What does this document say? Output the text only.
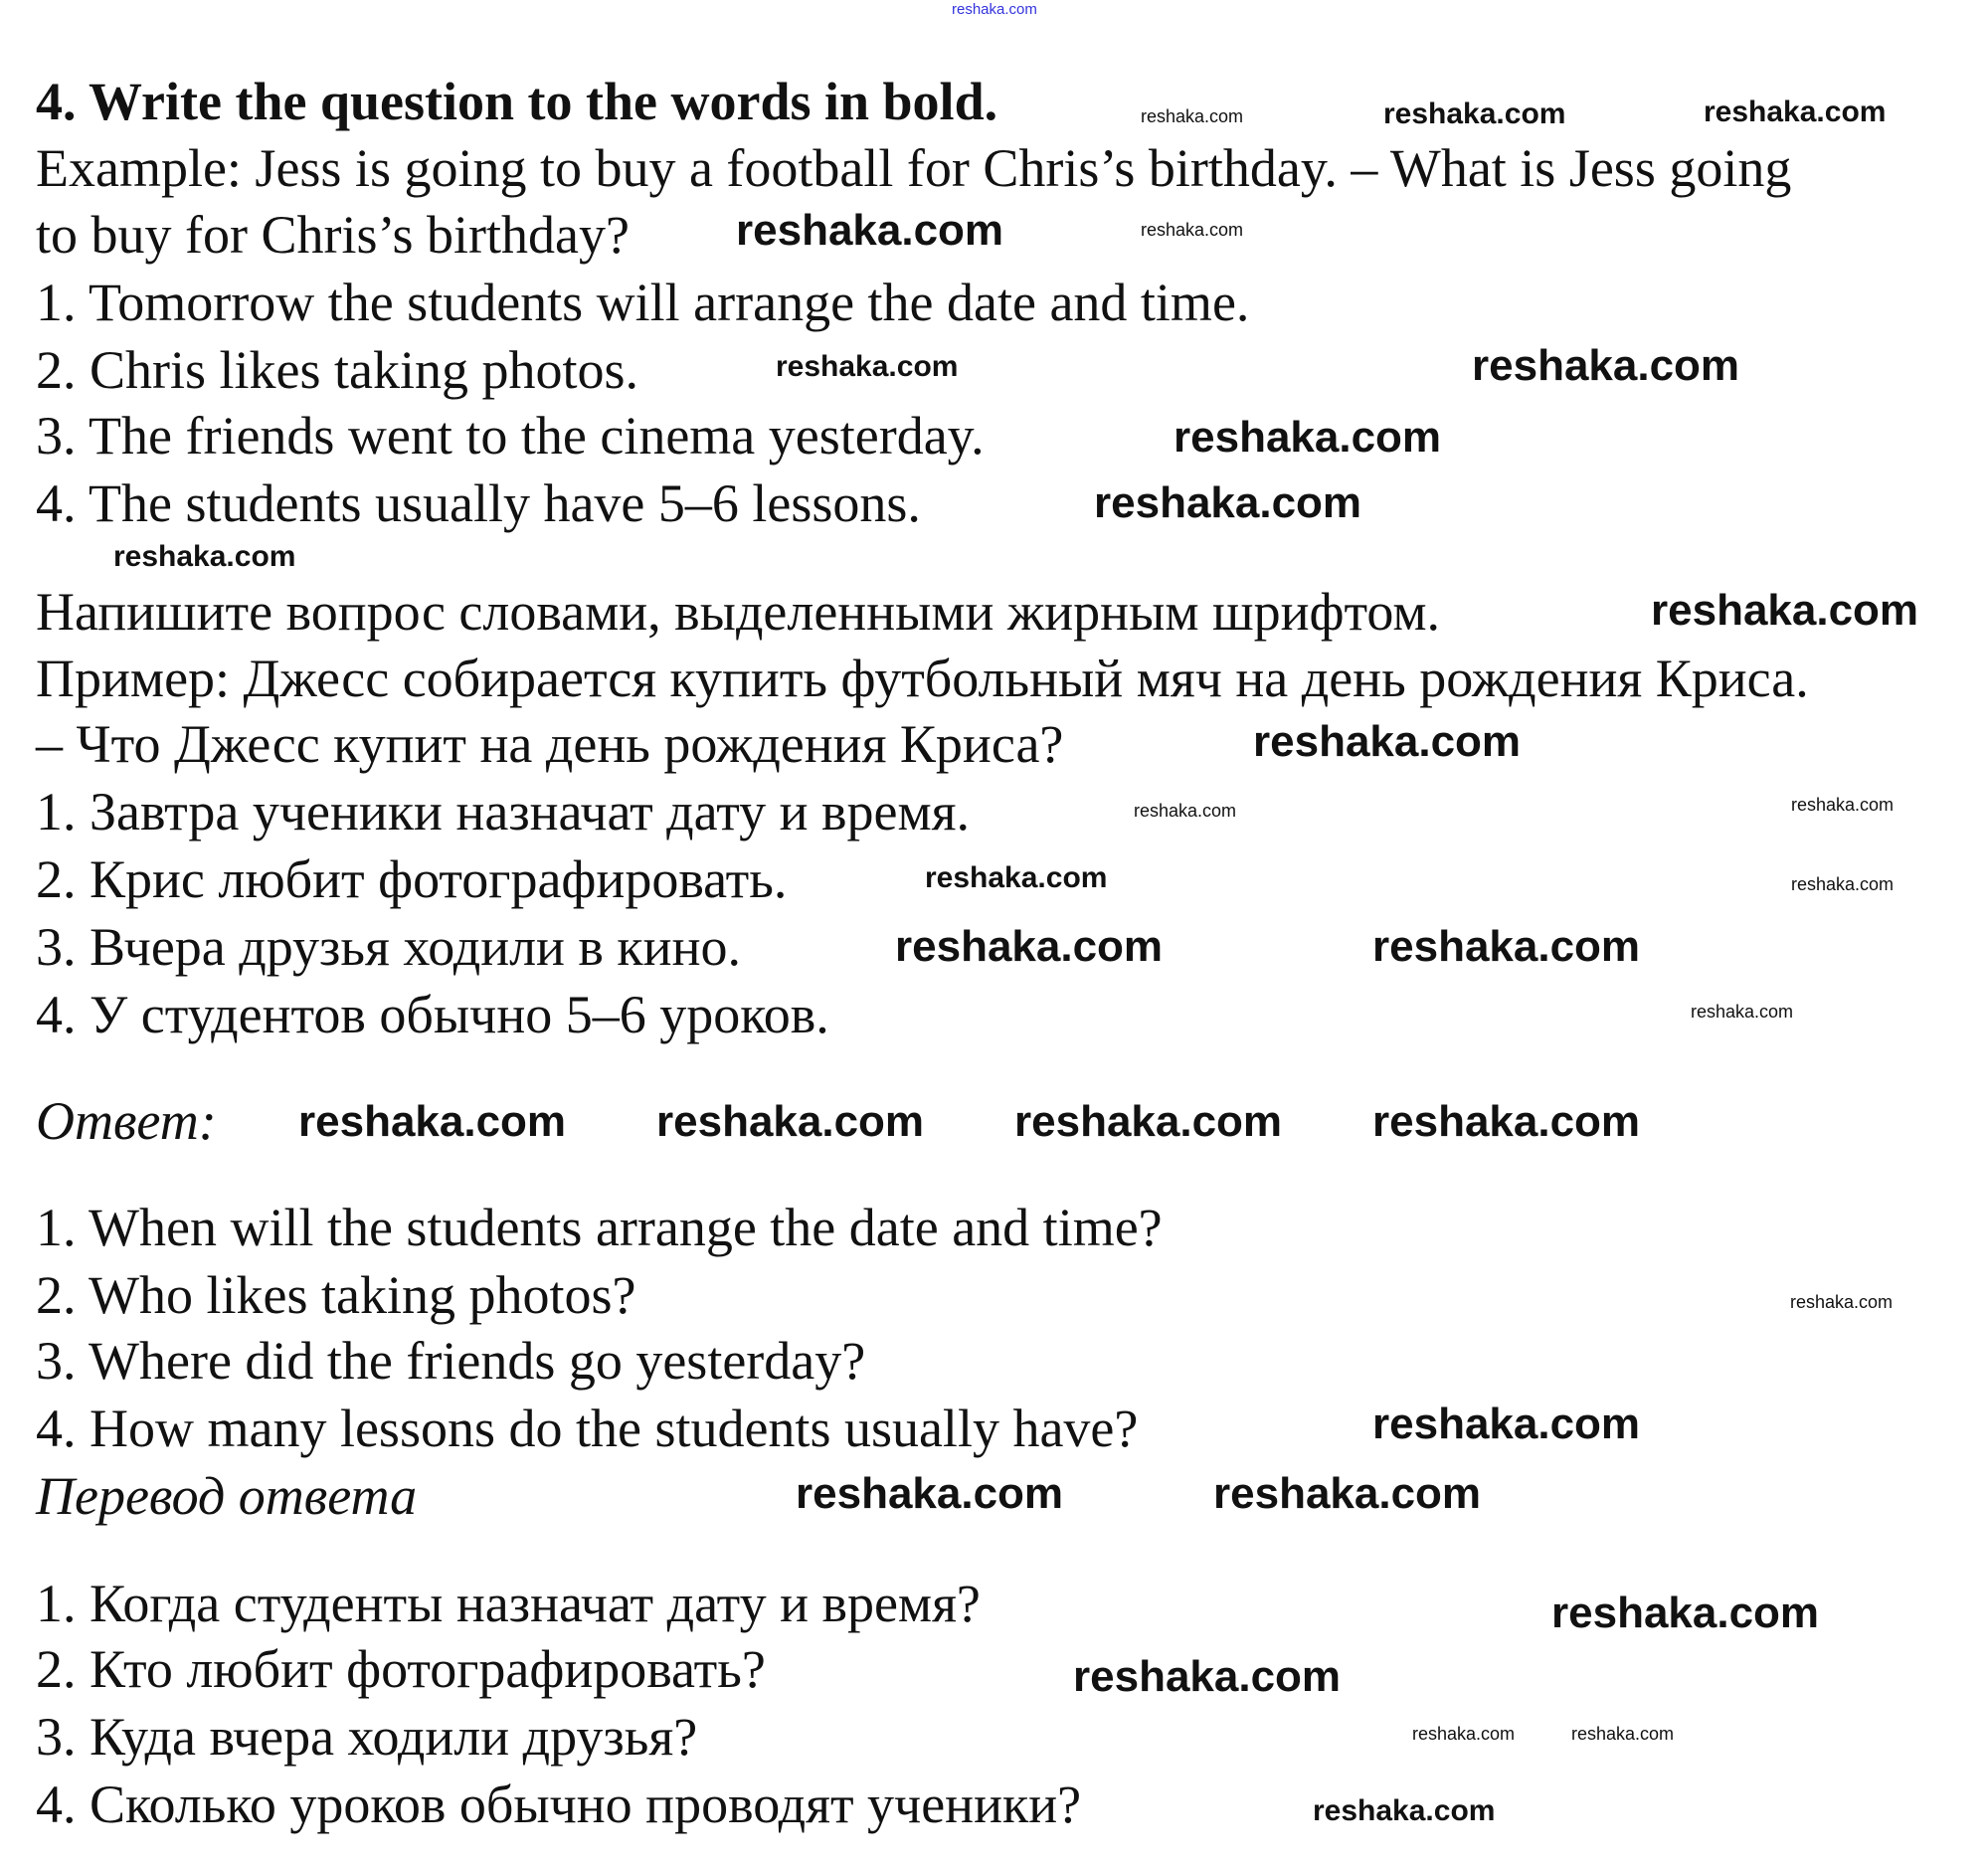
4. Write the question to the words in bold.
Example: Jess is going to buy a football for Chris’s birthday. – What is Jess going
to buy for Chris’s birthday?
1. Tomorrow the students will arrange the date and time.
2. Chris likes taking photos.
3. The friends went to the cinema yesterday.
4. The students usually have 5–6 lessons.
Напишите вопрос словами, выделенными жирным шрифтом.
Пример: Джесс собирается купить футбольный мяч на день рождения Криса.
– Что Джесс купит на день рождения Криса?
1. Завтра ученики назначат дату и время.
2. Крис любит фотографировать.
3. Вчера друзья ходили в кино.
4. У студентов обычно 5–6 уроков.
Ответ:
1. When will the students arrange the date and time?
2. Who likes taking photos?
3. Where did the friends go yesterday?
4. How many lessons do the students usually have?
Перевод ответа
1. Когда студенты назначат дату и время?
2. Кто любит фотографировать?
3. Куда вчера ходили друзья?
4. Сколько уроков обычно проводят ученики?
reshaka.com
reshaka.com	reshaka.com	reshaka.com
reshaka.com
reshaka.com
reshaka.com
reshaka.com
reshaka.com
reshaka.com
reshaka.com
reshaka.com
reshaka.com
reshaka.com	reshaka.com
reshaka.com	reshaka.com
reshaka.com
reshaka.com	reshaka.com
reshaka.com reshaka.com reshaka.com reshaka.com
reshaka.com
reshaka.com
reshaka.com	reshaka.com
reshaka.com
reshaka.com
reshaka.com	reshaka.com
reshaka.com
